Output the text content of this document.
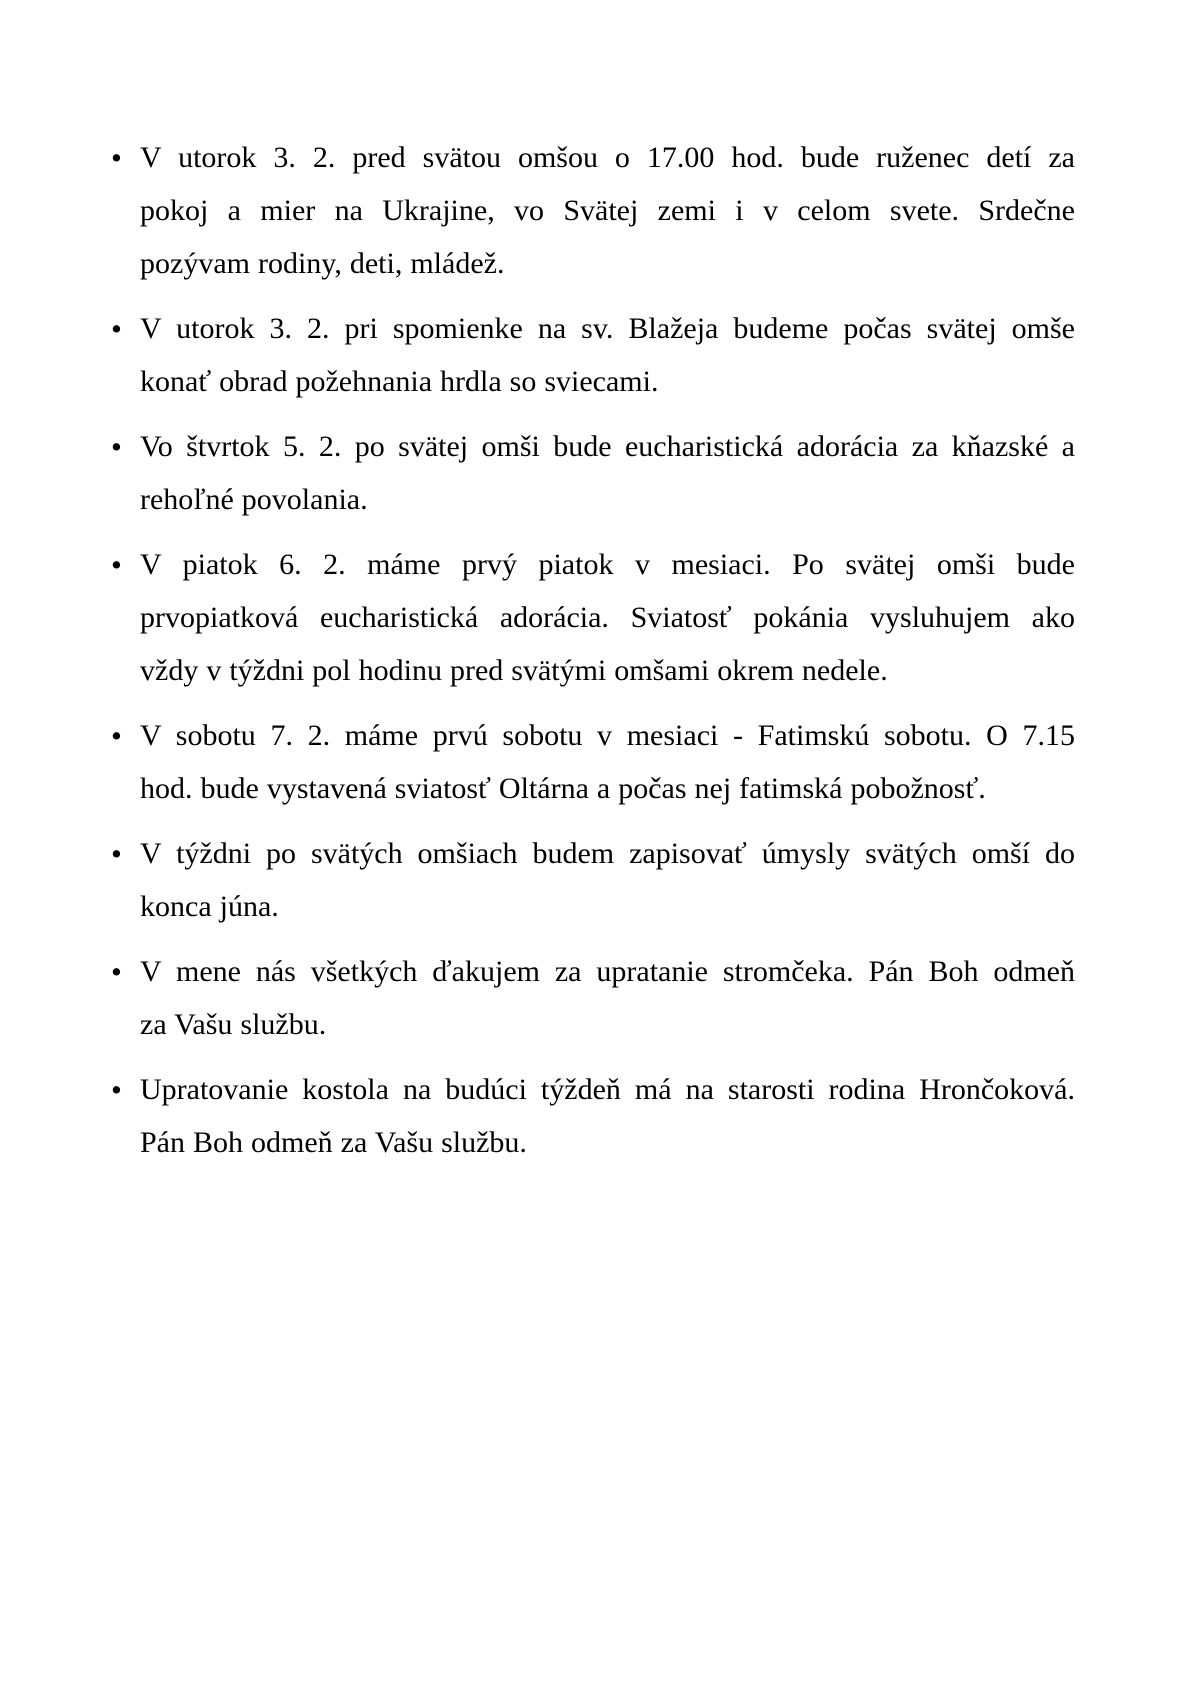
• V utorok 3. 2. pred svätou omšou o 17.00 hod. bude ruženec detí za
pokoj a mier na Ukrajine, vo Svätej zemi i v celom svete. Srdečne
pozývam rodiny, deti, mládež.
• V utorok 3. 2. pri spomienke na sv. Blažeja budeme počas svätej omše
konať obrad požehnania hrdla so sviecami.
• Vo štvrtok 5. 2. po svätej omši bude eucharistická adorácia za kňazské a
rehoľné povolania.
• V piatok 6. 2. máme prvý piatok v mesiaci. Po svätej omši bude
prvopiatková eucharistická adorácia. Sviatosť pokánia vysluhujem ako
vždy v týždni pol hodinu pred svätými omšami okrem nedele.
• V sobotu 7. 2. máme prvú sobotu v mesiaci - Fatimskú sobotu. O 7.15
hod. bude vystavená sviatosť Oltárna a počas nej fatimská pobožnosť.
• V týždni po svätých omšiach budem zapisovať úmysly svätých omší do
konca júna.
• V mene nás všetkých ďakujem za upratanie stromčeka. Pán Boh odmeň
za Vašu službu.
• Upratovanie kostola na budúci týždeň má na starosti rodina Hrončoková.
Pán Boh odmeň za Vašu službu.
